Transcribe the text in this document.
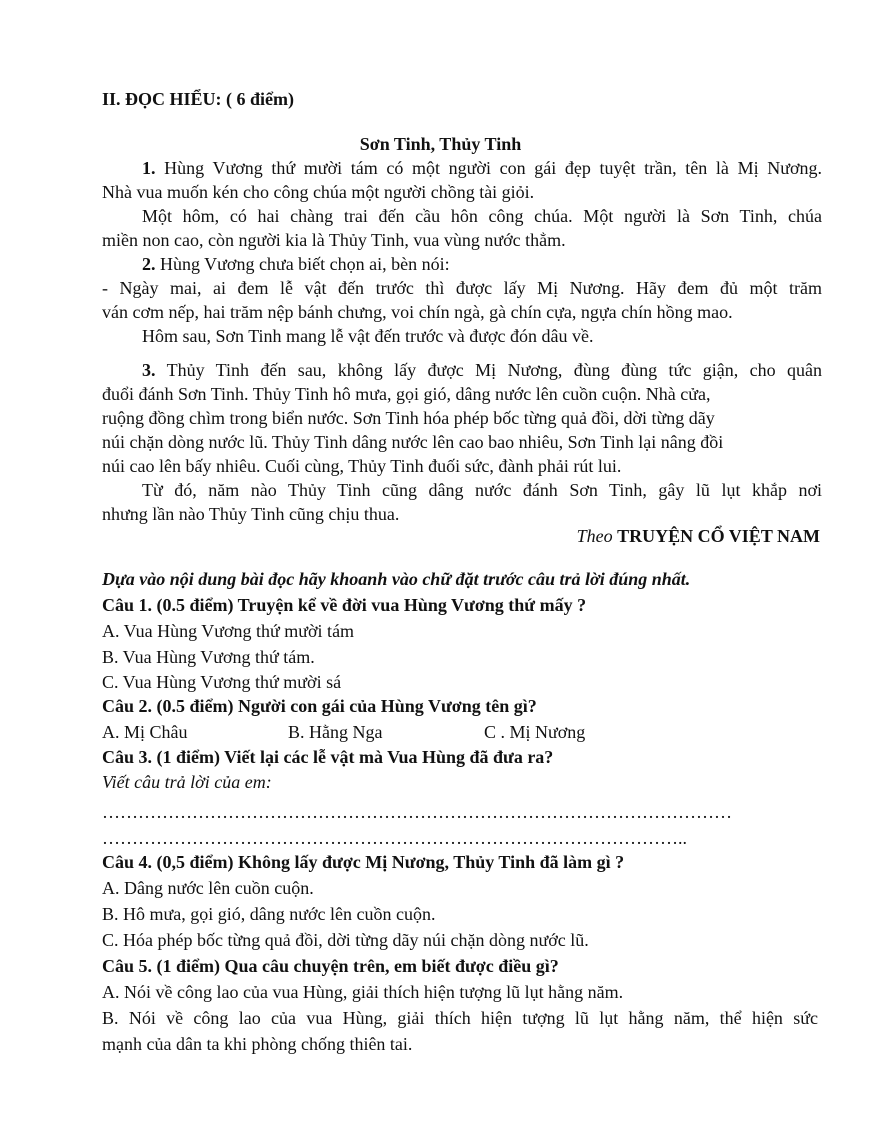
II. ĐỌC HIỂU: ( 6 điểm)
Sơn Tinh, Thủy Tinh
1. Hùng Vương thứ mười tám có một người con gái đẹp tuyệt trần, tên là Mị Nương.
Nhà vua muốn kén cho công chúa một người chồng tài giỏi.
Một hôm, có hai chàng trai đến cầu hôn công chúa. Một người là Sơn Tinh, chúa
miền non cao, còn người kia là Thủy Tinh, vua vùng nước thẳm.
2. Hùng Vương chưa biết chọn ai, bèn nói:
- Ngày mai, ai đem lễ vật đến trước thì được lấy Mị Nương. Hãy đem đủ một trăm
ván cơm nếp, hai trăm nệp bánh chưng, voi chín ngà, gà chín cựa, ngựa chín hồng mao.
Hôm sau, Sơn Tinh mang lễ vật đến trước và được đón dâu về.
3. Thủy Tinh đến sau, không lấy được Mị Nương, đùng đùng tức giận, cho quân
đuổi đánh Sơn Tinh. Thủy Tinh hô mưa, gọi gió, dâng nước lên cuồn cuộn. Nhà cửa,
ruộng đồng chìm trong biển nước. Sơn Tinh hóa phép bốc từng quả đồi, dời từng dãy
núi chặn dòng nước lũ. Thủy Tinh dâng nước lên cao bao nhiêu, Sơn Tinh lại nâng đồi
núi cao lên bấy nhiêu. Cuối cùng, Thủy Tinh đuối sức, đành phải rút lui.
Từ đó, năm nào Thủy Tinh cũng dâng nước đánh Sơn Tinh, gây lũ lụt khắp nơi
nhưng lần nào Thủy Tinh cũng chịu thua.
Theo TRUYỆN CỔ VIỆT NAM
Dựa vào nội dung bài đọc hãy khoanh vào chữ đặt trước câu trả lời đúng nhất.
Câu 1. (0.5 điểm) Truyện kể về đời vua Hùng Vương thứ mấy ?
A. Vua Hùng Vương thứ mười tám
B. Vua Hùng Vương thứ tám.
C. Vua Hùng Vương thứ mười sá
Câu 2. (0.5 điểm) Người con gái của Hùng Vương tên gì?
A. Mị Châu	B. Hằng Nga	C . Mị Nương
Câu 3. (1 điểm) Viết lại các lễ vật mà Vua Hùng đã đưa ra?
Viết câu trả lời của em:
……………………………………………………………………………………………
……………………………………………………………………………………..
Câu 4. (0,5 điểm) Không lấy được Mị Nương, Thủy Tinh đã làm gì ?
A. Dâng nước lên cuồn cuộn.
B. Hô mưa, gọi gió, dâng nước lên cuồn cuộn.
C. Hóa phép bốc từng quả đồi, dời từng dãy núi chặn dòng nước lũ.
Câu 5. (1 điểm) Qua câu chuyện trên, em biết được điều gì?
A. Nói về công lao của vua Hùng, giải thích hiện tượng lũ lụt hằng năm.
B. Nói về công lao của vua Hùng, giải thích hiện tượng lũ lụt hằng năm, thể hiện sức
mạnh của dân ta khi phòng chống thiên tai.
